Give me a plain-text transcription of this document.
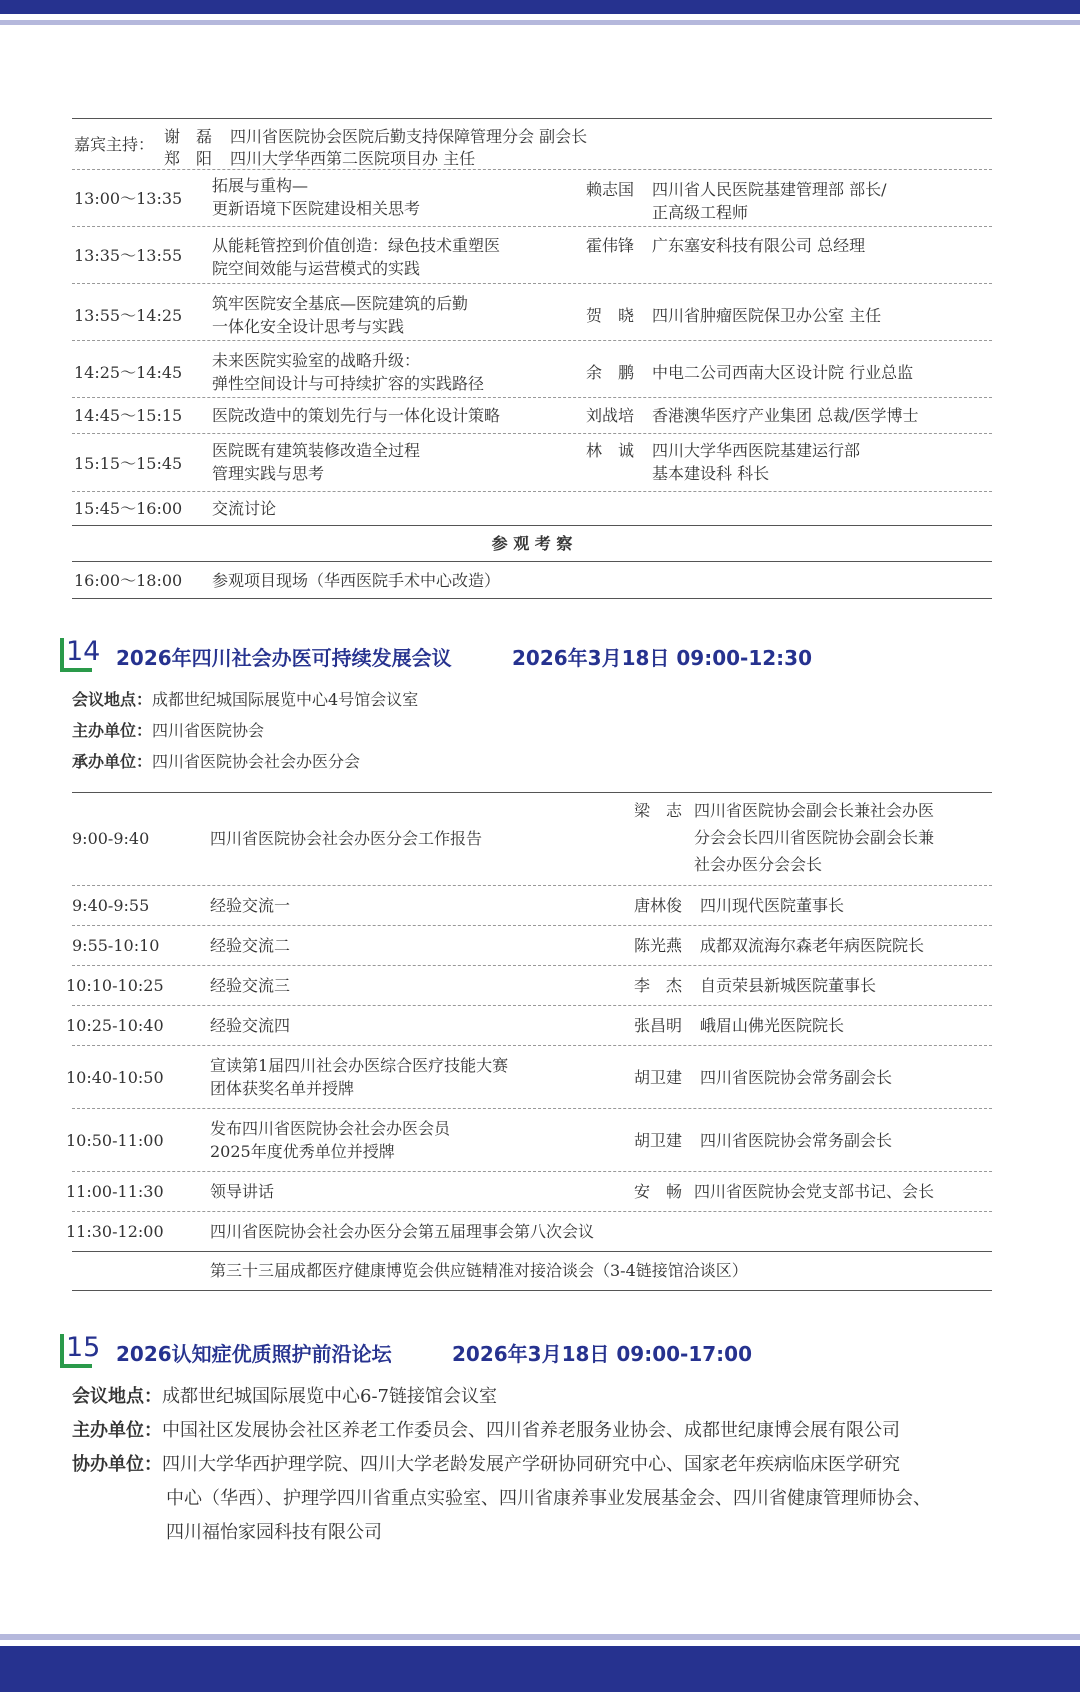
嘉宾主持： 谢　磊 四川省医院协会医院后勤支持保障管理分会 副会长
郑　阳 四川大学华西第二医院项目办 主任
13:00～13:35
拓展与重构—
更新语境下医院建设相关思考
赖志国 四川省人民医院基建管理部 部长/
正高级工程师
13:35～13:55
从能耗管控到价值创造：绿色技术重塑医
院空间效能与运营模式的实践
霍伟锋 广东塞安科技有限公司 总经理
13:55～14:25
筑牢医院安全基底—医院建筑的后勤
一体化安全设计思考与实践
贺　晓 四川省肿瘤医院保卫办公室 主任
14:25～14:45
未来医院实验室的战略升级：
弹性空间设计与可持续扩容的实践路径
余　鹏 中电二公司西南大区设计院 行业总监
14:45～15:15 医院改造中的策划先行与一体化设计策略	刘战培 香港澳华医疗产业集团 总裁/医学博士
15:15～15:45
医院既有建筑装修改造全过程
管理实践与思考
林　诚 四川大学华西医院基建运行部
基本建设科 科长
15:45～16:00 交流讨论
参 观 考 察
16:00～18:00 参观项目现场（华西医院手术中心改造）
14 2026年四川社会办医可持续发展会议	2026年3月18日 09:00-12:30
会议地点：成都世纪城国际展览中心4号馆会议室
主办单位：四川省医院协会
承办单位：四川省医院协会社会办医分会
9:00-9:40	四川省医院协会社会办医分会工作报告
梁　志 四川省医院协会副会长兼社会办医
分会会长四川省医院协会副会长兼
社会办医分会会长
9:40-9:55	经验交流一	唐林俊 四川现代医院董事长
9:55-10:10	经验交流二	陈光燕 成都双流海尔森老年病医院院长
10:10-10:25	经验交流三	李　杰 自贡荣县新城医院董事长
10:25-10:40	经验交流四	张昌明 峨眉山佛光医院院长
10:40-10:50
宣读第1届四川社会办医综合医疗技能大赛
团体获奖名单并授牌
胡卫建 四川省医院协会常务副会长
10:50-11:00
发布四川省医院协会社会办医会员
2025年度优秀单位并授牌
胡卫建 四川省医院协会常务副会长
11:00-11:30	领导讲话	安　畅 四川省医院协会党支部书记、会长
11:30-12:00	四川省医院协会社会办医分会第五届理事会第八次会议
第三十三届成都医疗健康博览会供应链精准对接洽谈会（3-4链接馆洽谈区）
15 2026认知症优质照护前沿论坛	2026年3月18日 09:00-17:00
会议地点：成都世纪城国际展览中心6-7链接馆会议室
主办单位：中国社区发展协会社区养老工作委员会、四川省养老服务业协会、成都世纪康博会展有限公司
协办单位：四川大学华西护理学院、四川大学老龄发展产学研协同研究中心、国家老年疾病临床医学研究
中心（华西）、护理学四川省重点实验室、四川省康养事业发展基金会、四川省健康管理师协会、
四川福怡家园科技有限公司
